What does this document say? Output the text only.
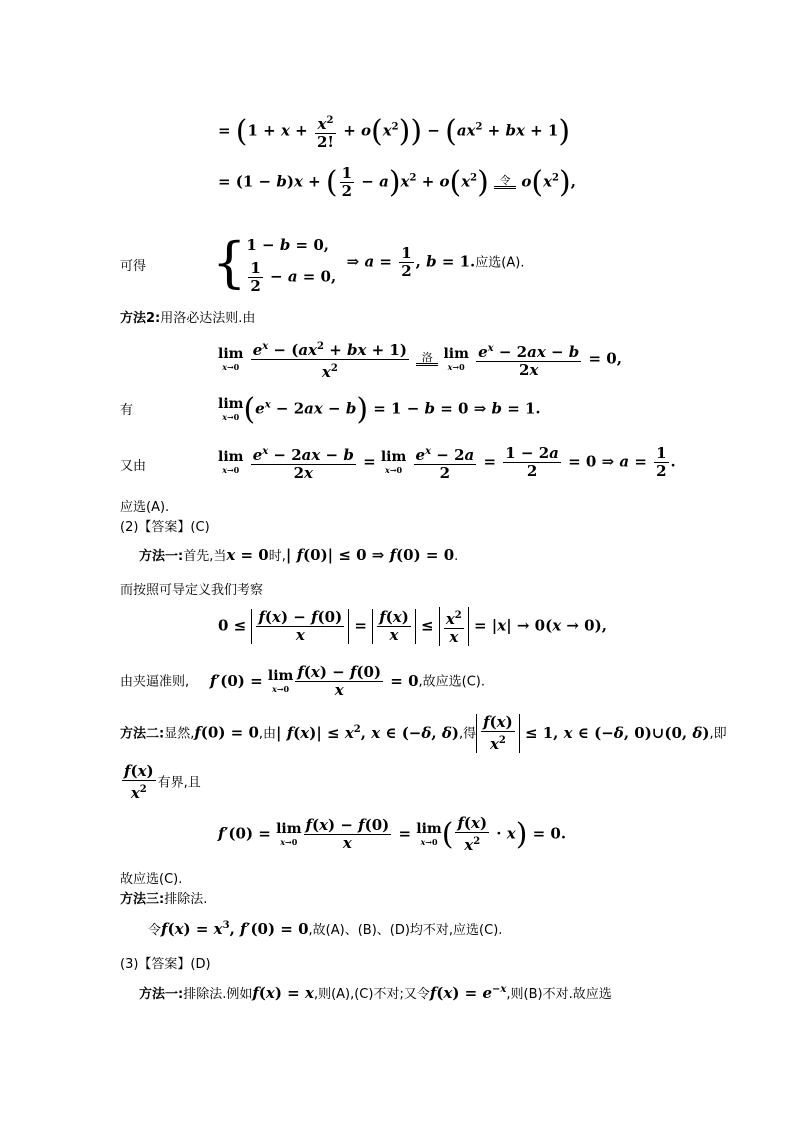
= $(1 + x + \frac{x^2}{2!} + o(x^2)) - (ax^2$ + bx + 1)
= (1 − b)x + ( $\frac{1}{2} - a)x^2 + o(x^2)$ 令 $o(x^2)$,
可得 { 1 − b = 0,
$\frac{1}{2} - a = 0$,
⇒ $a = \frac{1}{2}$ , b = 1.应选(A).
方法2:用洛必达法则.由
lim
x→0
$\frac{e^x - (ax^2 + bx + 1)}{x^2}$
	洛
lim
x→0
$\frac{e^x - 2ax - b}{2x} = 0$,
有	lim
x→0 $(e^x - 2ax - b) = 1 - b = 0$ ⇒ b = 1.
又由
lim
x→0
$\frac{e^x - 2ax - b}{2x} = \lim$
x→0
$\frac{e^x - 2a}{2} = \frac{1 - 2a}{2} = 0$ ⇒ $a = \frac{1}{2}$ .
应选(A).
(2)【答案】(C)
方法一:首先,当x = 0时,| f(0)| ≤ 0 ⇒ f(0) = 0.
而按照可导定义我们考察
$0 \le \frac{f(x) - f(0)}{x} = \frac{f(x)}{x} \le \frac{x^2}{x} = |x| \to 0(x \to 0)$,
由夹逼准则, f′(0) = lim
$x\to 0 \frac{f(x) - f(0)}{x} = 0$,故应选(C).
方法二:显然,f(0) = 0,由| $f(x)| \le x^2$, x ∈ (−δ, δ),得 $\frac{f(x)}{x^2} \le 1$, x ∈ (−δ, 0)∪(0, δ),即
$\frac{f(x)}{x^2}$ 有界,且
f′(0) = lim
$x\to 0 \frac{f(x) - f(0)}{x} = \lim$
x→0 ( $\frac{f(x)}{x^2} \cdot x) = 0$.
故应选(C).
方法三:排除法.
令$f(x) = x^3$, f′(0) = 0,故(A)、(B)、(D)均不对,应选(C).
(3)【答案】(D)
方法一:排除法.例如f(x) = x,则(A),(C)不对;又令$f(x) = e^{-x}$,则(B)不对.故应选
